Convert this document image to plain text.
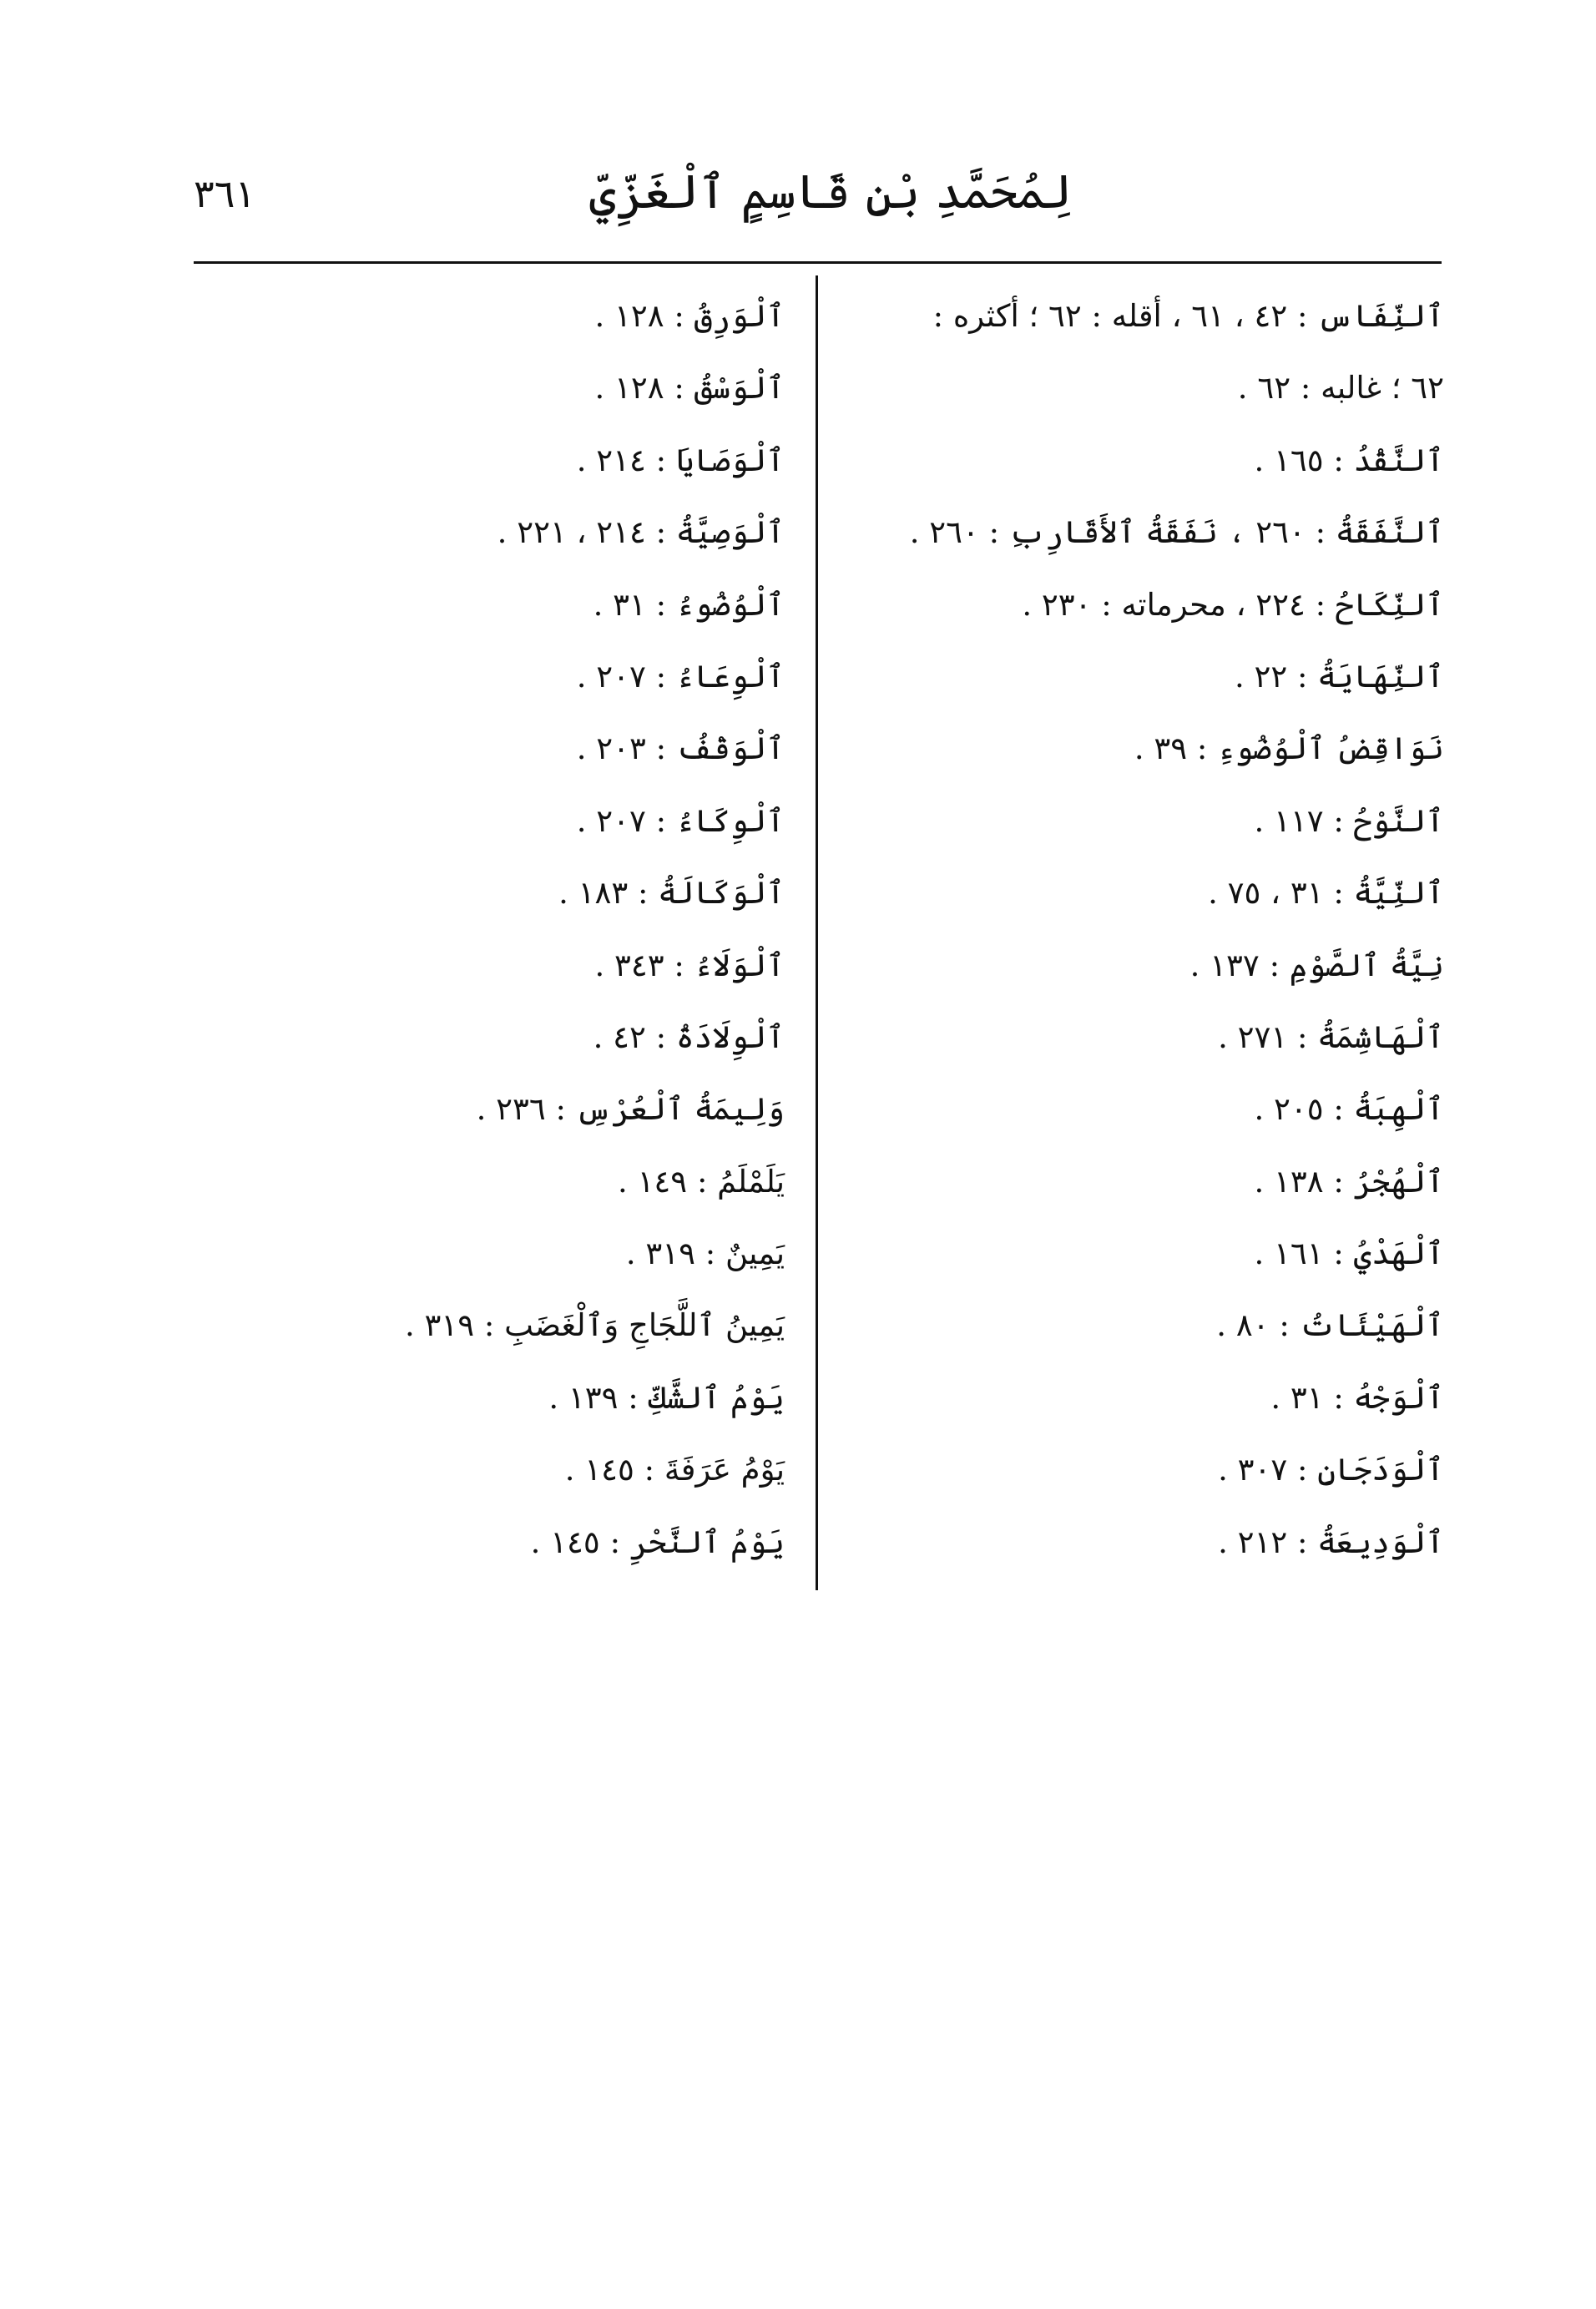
٣٦١	لِمُحَمَّدِ بْنِ قَاسِمٍ ٱلْغَزِّيِّ
ٱلنِّفَاس : ٤٢ ، ٦١ ، أقله : ٦٢ ؛ أكثره :
٦٢ ؛ غالبه : ٦٢ .
ٱلنَّقْدُ : ١٦٥ .
ٱلنَّفَقَةُ : ٢٦٠ ، نَفَقَةُ ٱلأَقَارِبِ : ٢٦٠ .
ٱلنِّكَاحُ : ٢٢٤ ، محرماته : ٢٣٠ .
ٱلنِّهَايَةُ : ٢٢ .
نَوَاقِضُ ٱلْوُضُوءِ : ٣٩ .
ٱلنَّوْحُ : ١١٧ .
ٱلنِّيَّةُ : ٣١ ، ٧٥ .
نِيَّةُ ٱلصَّوْمِ : ١٣٧ .
ٱلْهَاشِمَةُ : ٢٧١ .
ٱلْهِبَةُ : ٢٠٥ .
ٱلْهُجْرُ : ١٣٨ .
ٱلْهَدْيُ : ١٦١ .
ٱلْهَيْئَاتُ : ٨٠ .
ٱلْوَجْهُ : ٣١ .
ٱلْوَدَجَانِ : ٣٠٧ .
ٱلْوَدِيعَةُ : ٢١٢ .
ٱلْوَرِقُ : ١٢٨ .
ٱلْوَسْقُ : ١٢٨ .
ٱلْوَصَايَا : ٢١٤ .
ٱلْوَصِيَّةُ : ٢١٤ ، ٢٢١ .
ٱلْوُضُوءُ : ٣١ .
ٱلْوِعَاءُ : ٢٠٧ .
ٱلْوَقْفُ : ٢٠٣ .
ٱلْوِكَاءُ : ٢٠٧ .
ٱلْوَكَالَةُ : ١٨٣ .
ٱلْوَلَاءُ : ٣٤٣ .
ٱلْوِلَادَةُ : ٤٢ .
وَلِيمَةُ ٱلْعُرْسِ : ٢٣٦ .
يَلَمْلَمُ : ١٤٩ .
يَمِينٌ : ٣١٩ .
يَمِينُ ٱللَّجَاجِ وَٱلْغَضَبِ : ٣١٩ .
يَوْمُ ٱلشَّكِّ : ١٣٩ .
يَوْمُ عَرَفَةَ : ١٤٥ .
يَوْمُ ٱلنَّحْرِ : ١٤٥ .
